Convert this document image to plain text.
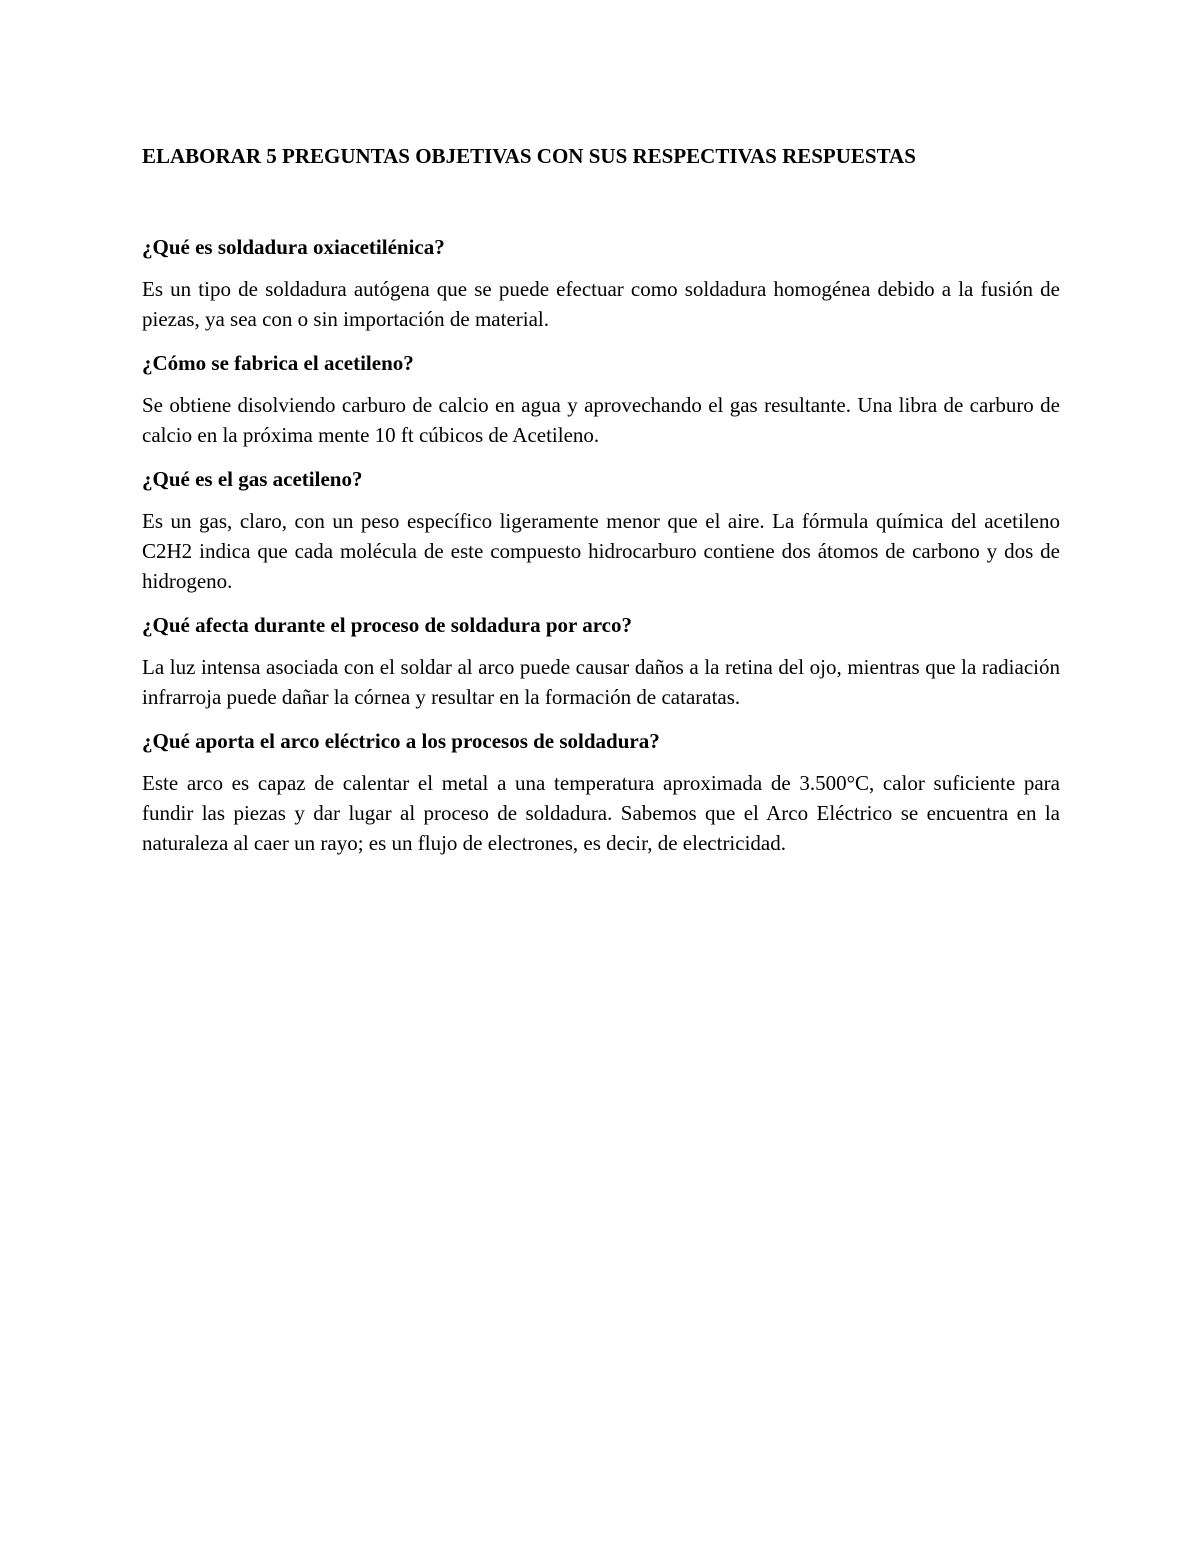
ELABORAR 5 PREGUNTAS OBJETIVAS CON SUS RESPECTIVAS RESPUESTAS

¿Qué es soldadura oxiacetilénica?

Es un tipo de soldadura autógena que se puede efectuar como soldadura homogénea debido a la fusión de piezas, ya sea con o sin importación de material.

¿Cómo se fabrica el acetileno?

Se obtiene disolviendo carburo de calcio en agua y aprovechando el gas resultante. Una libra de carburo de calcio en la próxima mente 10 ft cúbicos de Acetileno.

¿Qué es el gas acetileno?

Es un gas, claro, con un peso específico ligeramente menor que el aire. La fórmula química del acetileno C2H2 indica que cada molécula de este compuesto hidrocarburo contiene dos átomos de carbono y dos de hidrogeno.

¿Qué afecta durante el proceso de soldadura por arco?

La luz intensa asociada con el soldar al arco puede causar daños a la retina del ojo, mientras que la radiación infrarroja puede dañar la córnea y resultar en la formación de cataratas.

¿Qué aporta el arco eléctrico a los procesos de soldadura?

Este arco es capaz de calentar el metal a una temperatura aproximada de 3.500°C, calor suficiente para fundir las piezas y dar lugar al proceso de soldadura. Sabemos que el Arco Eléctrico se encuentra en la naturaleza al caer un rayo; es un flujo de electrones, es decir, de electricidad.
